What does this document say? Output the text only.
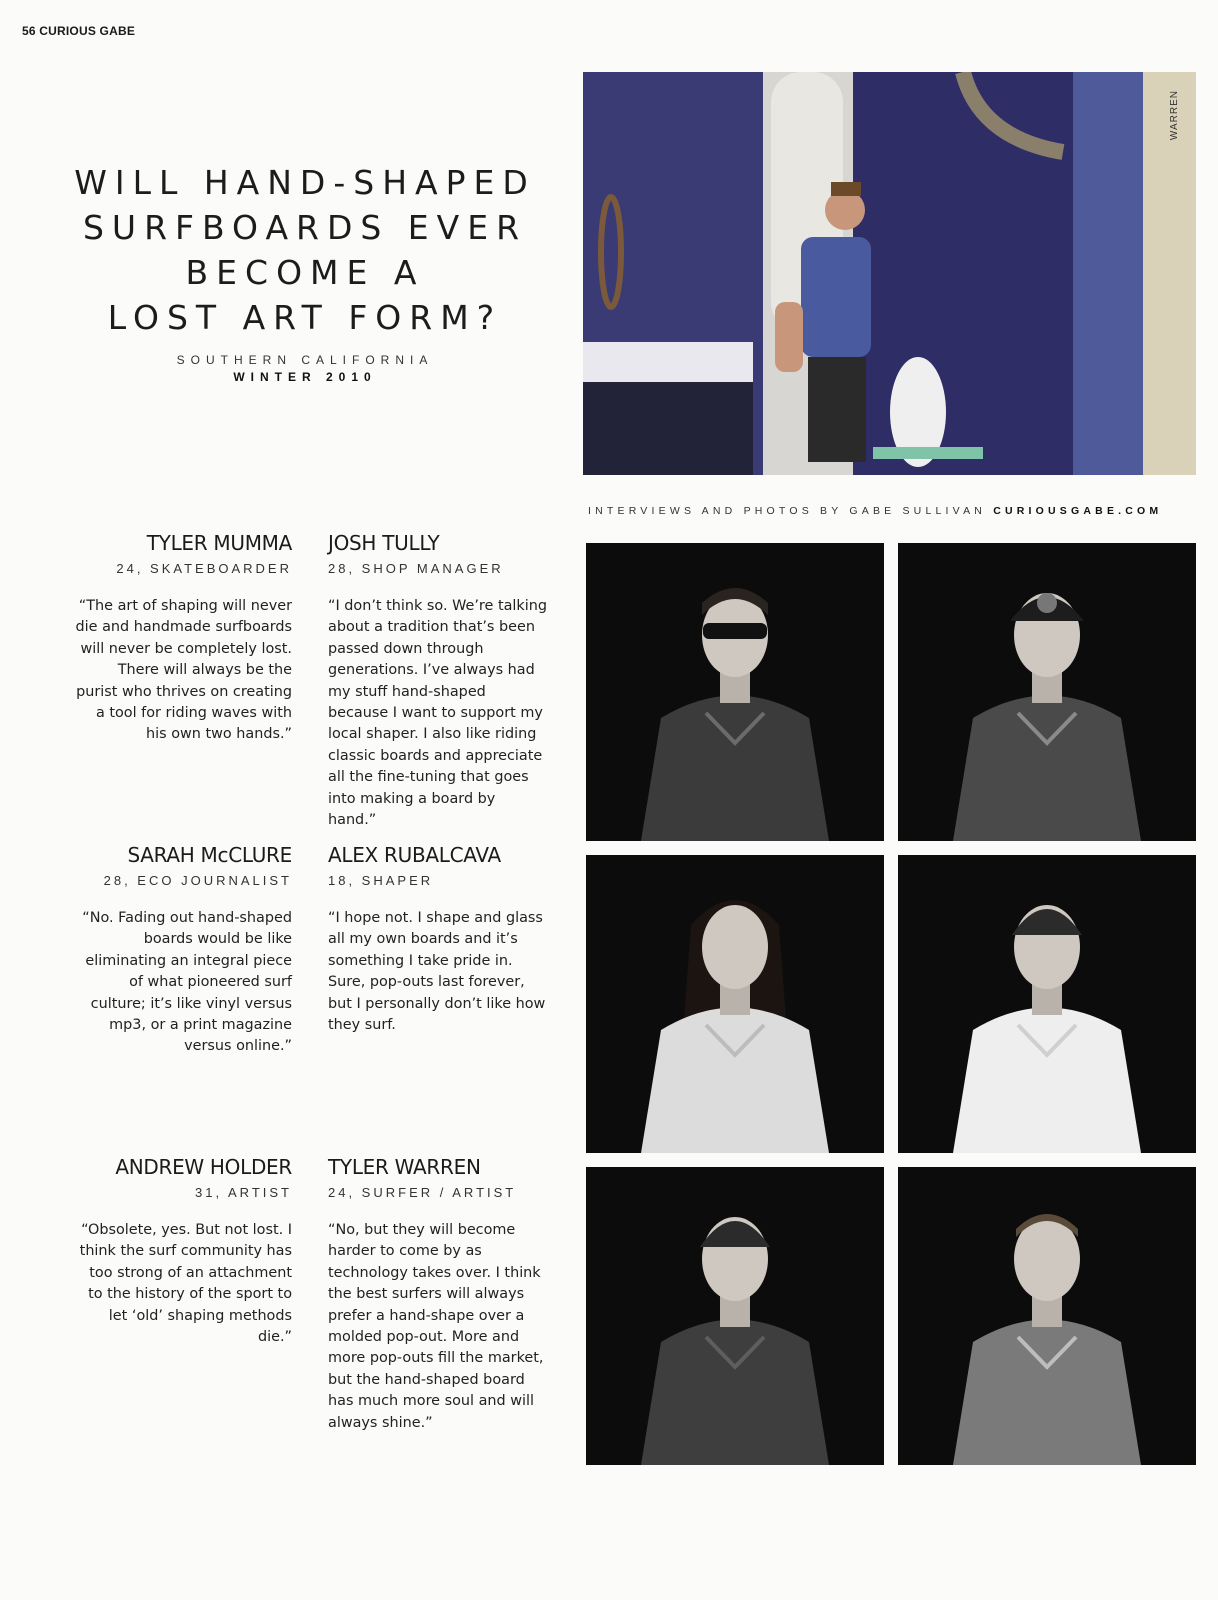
56 CURIOUS GABE
WILL HAND-SHAPED
SURFBOARDS EVER
BECOME A
LOST ART FORM?
SOUTHERN CALIFORNIA
WINTER 2010
WARREN
INTERVIEWS AND PHOTOS BY GABE SULLIVAN CURIOUSGABE.COM
TYLER MUMMA
24, SKATEBOARDER
“The art of shaping will never die and handmade surfboards will never be completely lost. There will always be the purist who thrives on creating a tool for riding waves with his own two hands.”
JOSH TULLY
28, SHOP MANAGER
“I don’t think so. We’re talking about a tradition that’s been passed down through generations. I’ve always had my stuff hand-shaped because I want to support my local shaper. I also like riding classic boards and appreciate all the fine-tuning that goes into making a board by hand.”
SARAH McCLURE
28, ECO JOURNALIST
“No. Fading out hand-shaped boards would be like eliminating an integral piece of what pioneered surf culture; it’s like vinyl versus mp3, or a print magazine versus online.”
ALEX RUBALCAVA
18, SHAPER
“I hope not. I shape and glass all my own boards and it’s something I take pride in. Sure, pop-outs last forever, but I personally don’t like how they surf.
ANDREW HOLDER
31, ARTIST
“Obsolete, yes. But not lost. I think the surf community has too strong of an attachment to the history of the sport to let ‘old’ shaping methods die.”
TYLER WARREN
24, SURFER / ARTIST
“No, but they will become harder to come by as technology takes over. I think the best surfers will always prefer a hand-shape over a molded pop-out. More and more pop-outs fill the market, but the hand-shaped board has much more soul and will always shine.”
